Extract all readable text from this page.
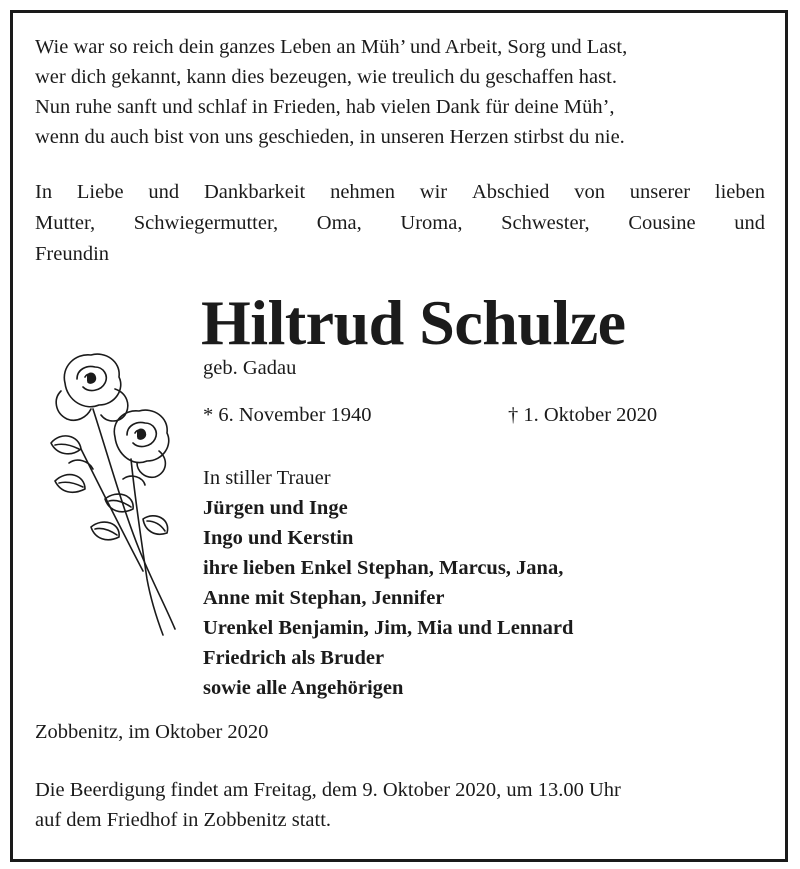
Wie war so reich dein ganzes Leben an Müh’ und Arbeit, Sorg und Last,
wer dich gekannt, kann dies bezeugen, wie treulich du geschaffen hast.
Nun ruhe sanft und schlaf in Frieden, hab vielen Dank für deine Müh’,
wenn du auch bist von uns geschieden, in unseren Herzen stirbst du nie.
In Liebe und Dankbarkeit nehmen wir Abschied von unserer lieben
Mutter, Schwiegermutter, Oma, Uroma, Schwester, Cousine und
Freundin
Hiltrud Schulze
geb. Gadau
* 6. November 1940	† 1. Oktober 2020
In stiller Trauer
Jürgen und Inge
Ingo und Kerstin
ihre lieben Enkel Stephan, Marcus, Jana,
Anne mit Stephan, Jennifer
Urenkel Benjamin, Jim, Mia und Lennard
Friedrich als Bruder
sowie alle Angehörigen
Zobbenitz, im Oktober 2020
Die Beerdigung findet am Freitag, dem 9. Oktober 2020, um 13.00 Uhr
auf dem Friedhof in Zobbenitz statt.
